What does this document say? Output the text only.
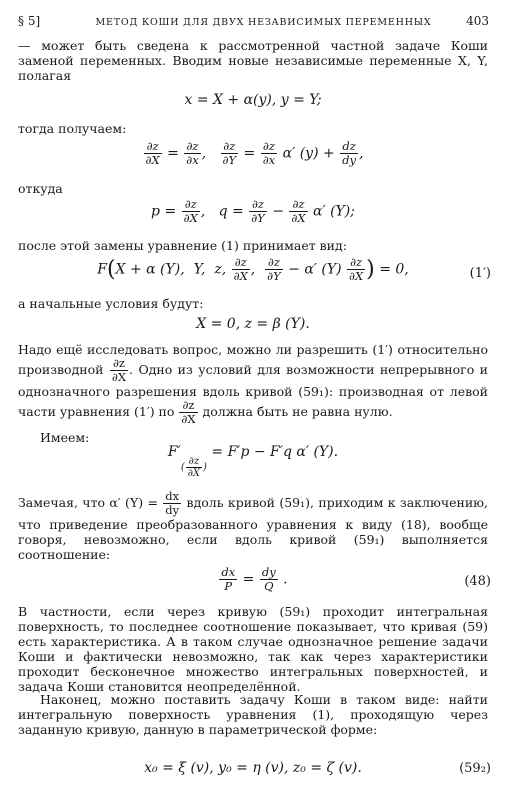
§ 5]	МЕТОД КОШИ ДЛЯ ДВУХ НЕЗАВИСИМЫХ ПЕРЕМЕННЫХ	403

— может быть сведена к рассмотренной частной задаче Коши заменой переменных. Вводим новые независимые переменные X, Y, полагая

x = X + α(y), y = Y;

тогда получаем:

$\frac{\partial z}{\partial X} = \frac{\partial z}{\partial x}$ , $\frac{\partial z}{\partial Y} = \frac{\partial z}{\partial x} \alpha'$ $(y) + \frac{dz}{dy}$ ,

откуда

$p = \frac{\partial z}{\partial X}$ ,   $q = \frac{\partial z}{\partial Y} - \frac{\partial z}{\partial X} \alpha'$ (Y);

после этой замены уравнение (1) принимает вид:

F(X + α (Y),  Y,  z, $\frac{\partial z}{\partial X}$ , $\frac{\partial z}{\partial Y} - \alpha'$ $(Y) \frac{\partial z}{\partial X}$ ) = 0,	(1′)

а начальные условия будут:

X = 0, z = β (Y).

Надо ещё исследовать вопрос, можно ли разрешить (1′) относительно производной $\frac{\partial z}{\partial X}$ . Одно из условий для возможности непрерывного и однозначного разрешения вдоль кривой (59₁): производная от левой части уравнения (1′) по $\frac{\partial z}{\partial X}$ должна быть не равна нулю.

Имеем:

$F'_{( \frac{\partial z}{\partial X} )} = F'p - F'q$ α′ (Y).

Замечая, что α′ $(Y) = \frac{dx}{dy}$ вдоль кривой (59₁), приходим к заключению, что приведение преобразованного уравнения к виду (18), вообще говоря, невозможно, если вдоль кривой (59₁) выполняется соотношение:

$\frac{dx}{P} = \frac{dy}{Q}$ .	(48)

В частности, если через кривую (59₁) проходит интегральная поверхность, то последнее соотношение показывает, что кривая (59) есть характеристика. А в таком случае однозначное решение задачи Коши и фактически невозможно, так как через характеристики проходит бесконечное множество интегральных поверхностей, и задача Коши становится неопределённой.

Наконец, можно поставить задачу Коши в таком виде: найти интегральную поверхность уравнения (1), проходящую через заданную кривую, данную в параметрической форме:

x₀ = ξ (v), y₀ = η (v), z₀ = ζ (v).	(59₂)
